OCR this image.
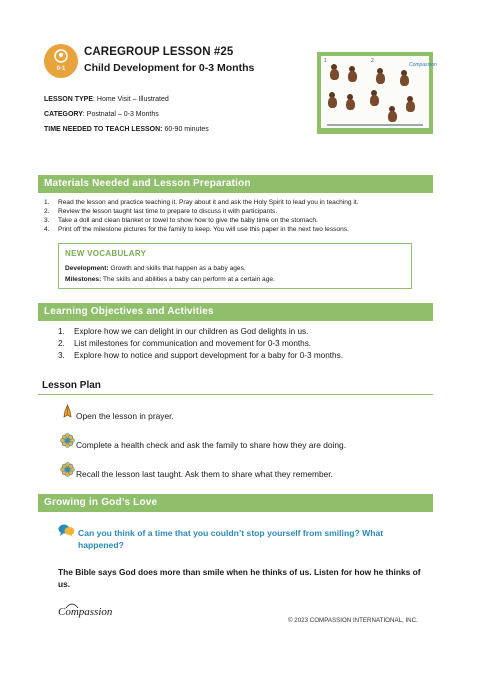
0-1
CAREGROUP LESSON #25
Child Development for 0-3 Months
1	2
Compassion
LESSON TYPE: Home Visit – Illustrated
CATEGORY: Postnatal – 0-3 Months
TIME NEEDED TO TEACH LESSON: 60-90 minutes
Materials Needed and Lesson Preparation
1.	Read the lesson and practice teaching it. Pray about it and ask the Holy Spirit to lead you in teaching it.
2.	Review the lesson taught last time to prepare to discuss it with participants.
3.	Take a doll and clean blanket or towel to show how to give the baby time on the stomach.
4.	Print off the milestone pictures for the family to keep. You will use this paper in the next two lessons.
NEW VOCABULARY
Development: Growth and skills that happen as a baby ages.
Milestones: The skills and abilities a baby can perform at a certain age.
Learning Objectives and Activities
1.	Explore how we can delight in our children as God delights in us.
2.	List milestones for communication and movement for 0-3 months.
3.	Explore how to notice and support development for a baby for 0-3 months.
Lesson Plan
Open the lesson in prayer.
Complete a health check and ask the family to share how they are doing.
Recall the lesson last taught. Ask them to share what they remember.
Growing in God’s Love
Can you think of a time that you couldn’t stop yourself from smiling? What happened?
The Bible says God does more than smile when he thinks of us. Listen for how he thinks of us.
Compassion
© 2023 COMPASSION INTERNATIONAL, INC.
